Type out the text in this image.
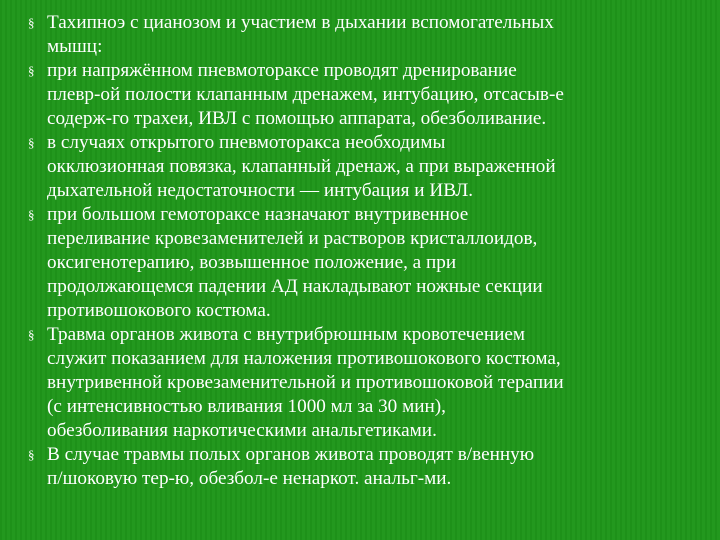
§ Тахипноэ с цианозом и участием в дыхании вспомогательных
мышц:
§ при напряжённом пневмотораксе проводят дренирование
плевр-ой полости клапанным дренажем, интубацию, отсасыв-е
содерж-го трахеи, ИВЛ с помощью аппарата, обезболивание.
§ в случаях открытого пневмоторакса необходимы
окклюзионная повязка, клапанный дренаж, а при выраженной
дыхательной недостаточности — интубация и ИВЛ.
§ при большом гемотораксе назначают внутривенное
переливание кровезаменителей и растворов кристаллоидов,
оксигенотерапию, возвышенное положение, а при
продолжающемся падении АД накладывают ножные секции
противошокового костюма.
§ Травма органов живота с внутрибрюшным кровотечением
служит показанием для наложения противошокового костюма,
внутривенной кровезаменительной и противошоковой терапии
(с интенсивностью вливания 1000 мл за 30 мин),
обезболивания наркотическими анальгетиками.
§ В случае травмы полых органов живота проводят в/венную
п/шоковую тер-ю, обезбол-е ненаркот. анальг-ми.
